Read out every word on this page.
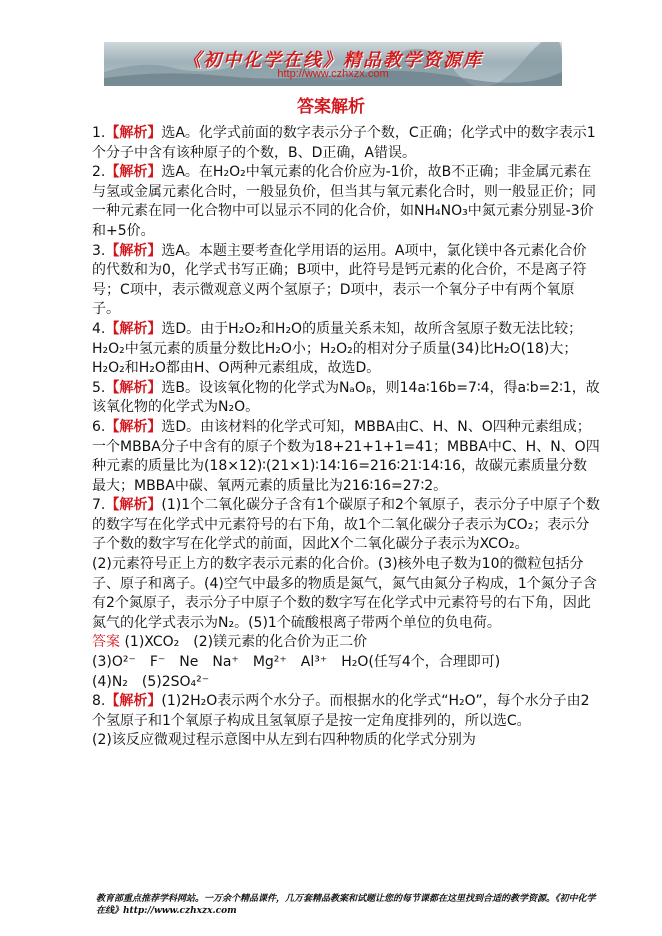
《初中化学在线》精品教学资源库
http://www.czhxzx.com
答案解析

1.【解析】选A。化学式前面的数字表示分子个数，C正确；化学式中的数字表示1个分子中含有该种原子的个数，B、D正确，A错误。

2.【解析】选A。在H₂O₂中氧元素的化合价应为-1价，故B不正确；非金属元素在与氢或金属元素化合时，一般显负价，但当其与氧元素化合时，则一般显正价；同一种元素在同一化合物中可以显示不同的化合价，如NH₄NO₃中氮元素分别显-3价和+5价。

3.【解析】选A。本题主要考查化学用语的运用。A项中，氯化镁中各元素化合价的代数和为0，化学式书写正确；B项中，此符号是钙元素的化合价，不是离子符号；C项中，表示微观意义两个氢原子；D项中，表示一个氧分子中有两个氧原子。

4.【解析】选D。由于H₂O₂和H₂O的质量关系未知，故所含氢原子数无法比较；H₂O₂中氢元素的质量分数比H₂O小；H₂O₂的相对分子质量(34)比H₂O(18)大；H₂O₂和H₂O都由H、O两种元素组成，故选D。

5.【解析】选B。设该氧化物的化学式为NₐOᵦ，则14a∶16b=7∶4，得a∶b=2∶1，故该氧化物的化学式为N₂O。

6.【解析】选D。由该材料的化学式可知，MBBA由C、H、N、O四种元素组成；一个MBBA分子中含有的原子个数为18+21+1+1=41；MBBA中C、H、N、O四种元素的质量比为(18×12)∶(21×1)∶14∶16=216∶21∶14∶16，故碳元素质量分数最大；MBBA中碳、氧两元素的质量比为216∶16=27∶2。

7.【解析】(1)1个二氧化碳分子含有1个碳原子和2个氧原子，表示分子中原子个数的数字写在化学式中元素符号的右下角，故1个二氧化碳分子表示为CO₂；表示分子个数的数字写在化学式的前面，因此X个二氧化碳分子表示为XCO₂。

(2)元素符号正上方的数字表示元素的化合价。(3)核外电子数为10的微粒包括分子、原子和离子。(4)空气中最多的物质是氮气，氮气由氮分子构成，1个氮分子含有2个氮原子，表示分子中原子个数的数字写在化学式中元素符号的右下角，因此氮气的化学式表示为N₂。(5)1个硫酸根离子带两个单位的负电荷。

答案 (1)XCO₂　(2)镁元素的化合价为正二价

(3)O²⁻　F⁻　Ne　Na⁺　Mg²⁺　Al³⁺　H₂O(任写4个，合理即可)

(4)N₂　(5)2SO₄²⁻

8.【解析】(1)2H₂O表示两个水分子。而根据水的化学式“H₂O”，每个水分子由2个氢原子和1个氧原子构成且氢氧原子是按一定角度排列的，所以选C。

(2)该反应微观过程示意图中从左到右四种物质的化学式分别为

教育部重点推荐学科网站。一万余个精品课件，几万套精品教案和试题让您的每节课都在这里找到合适的教学资源。《初中化学在线》http://www.czhxzx.com
